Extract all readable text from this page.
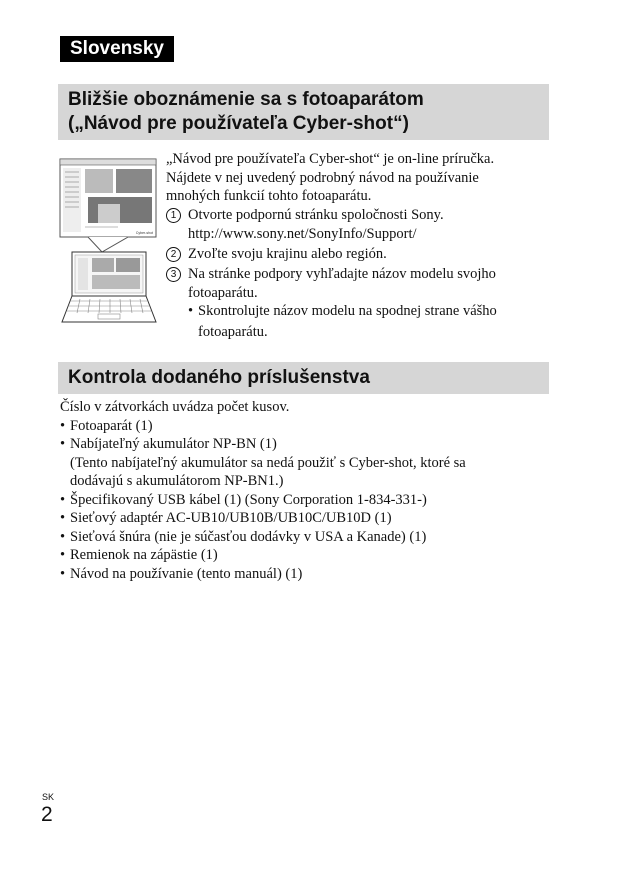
Slovensky
Bližšie oboznámenie sa s fotoaparátom
(„Návod pre používateľa Cyber-shot“)
Cyber-shot
„Návod pre používateľa Cyber-shot“ je on-line príručka.
Nájdete v nej uvedený podrobný návod na používanie
mnohých funkcií tohto fotoaparátu.
1 Otvorte podpornú stránku spoločnosti Sony.
http://www.sony.net/SonyInfo/Support/
2 Zvoľte svoju krajinu alebo región.
3 Na stránke podpory vyhľadajte názov modelu svojho
fotoaparátu.
• Skontrolujte názov modelu na spodnej strane vášho
fotoaparátu.
Kontrola dodaného príslušenstva
Číslo v zátvorkách uvádza počet kusov.
• Fotoaparát (1)
• Nabíjateľný akumulátor NP-BN (1)
(Tento nabíjateľný akumulátor sa nedá použiť s Cyber-shot, ktoré sa
dodávajú s akumulátorom NP-BN1.)
• Špecifikovaný USB kábel (1) (Sony Corporation 1-834-331-)
• Sieťový adaptér AC-UB10/UB10B/UB10C/UB10D (1)
• Sieťová šnúra (nie je súčasťou dodávky v USA a Kanade) (1)
• Remienok na zápästie (1)
• Návod na používanie (tento manuál) (1)
SK
2
